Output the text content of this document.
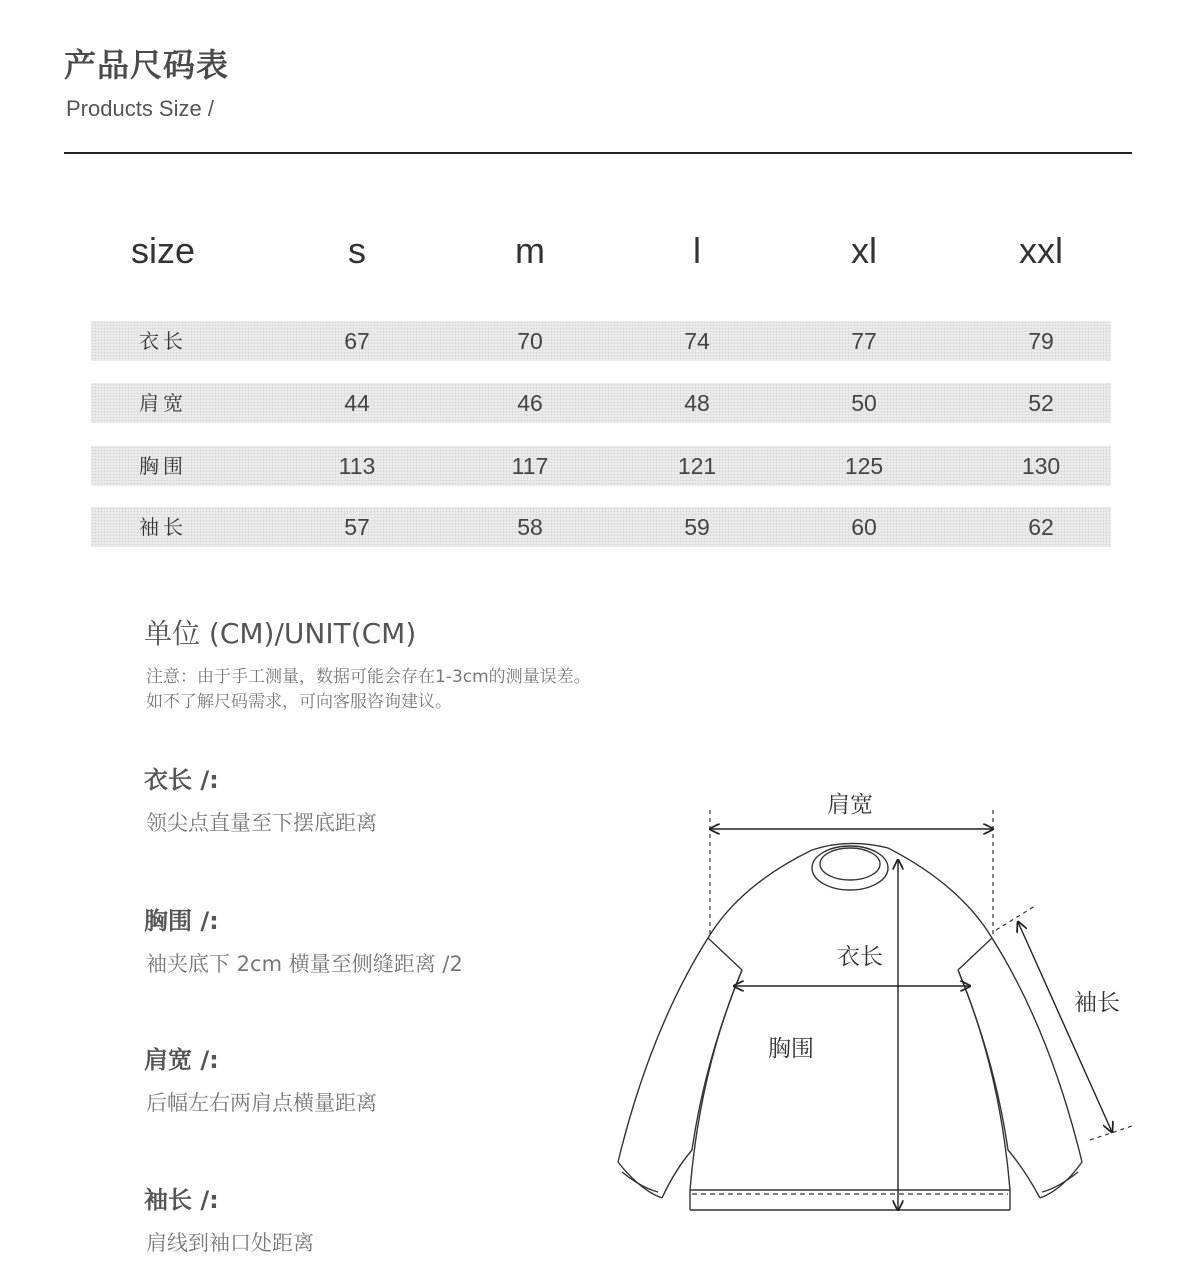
产品尺码表
Products Size /
size	s	m	l	xl	xxl
衣长	67	70	74	77	79
肩宽	44	46	48	50	52
胸围	113	117	121	125	130
袖长	57	58	59	60	62
单位 (CM)/UNIT(CM)
注意：由于手工测量，数据可能会存在1-3cm的测量误差。
如不了解尺码需求，可向客服咨询建议。
衣长 /:
领尖点直量至下摆底距离
胸围 /:
袖夹底下 2cm 横量至侧缝距离 /2
肩宽 /:
后幅左右两肩点横量距离
袖长 /:
肩线到袖口处距离
肩宽
衣长
胸围
袖长
